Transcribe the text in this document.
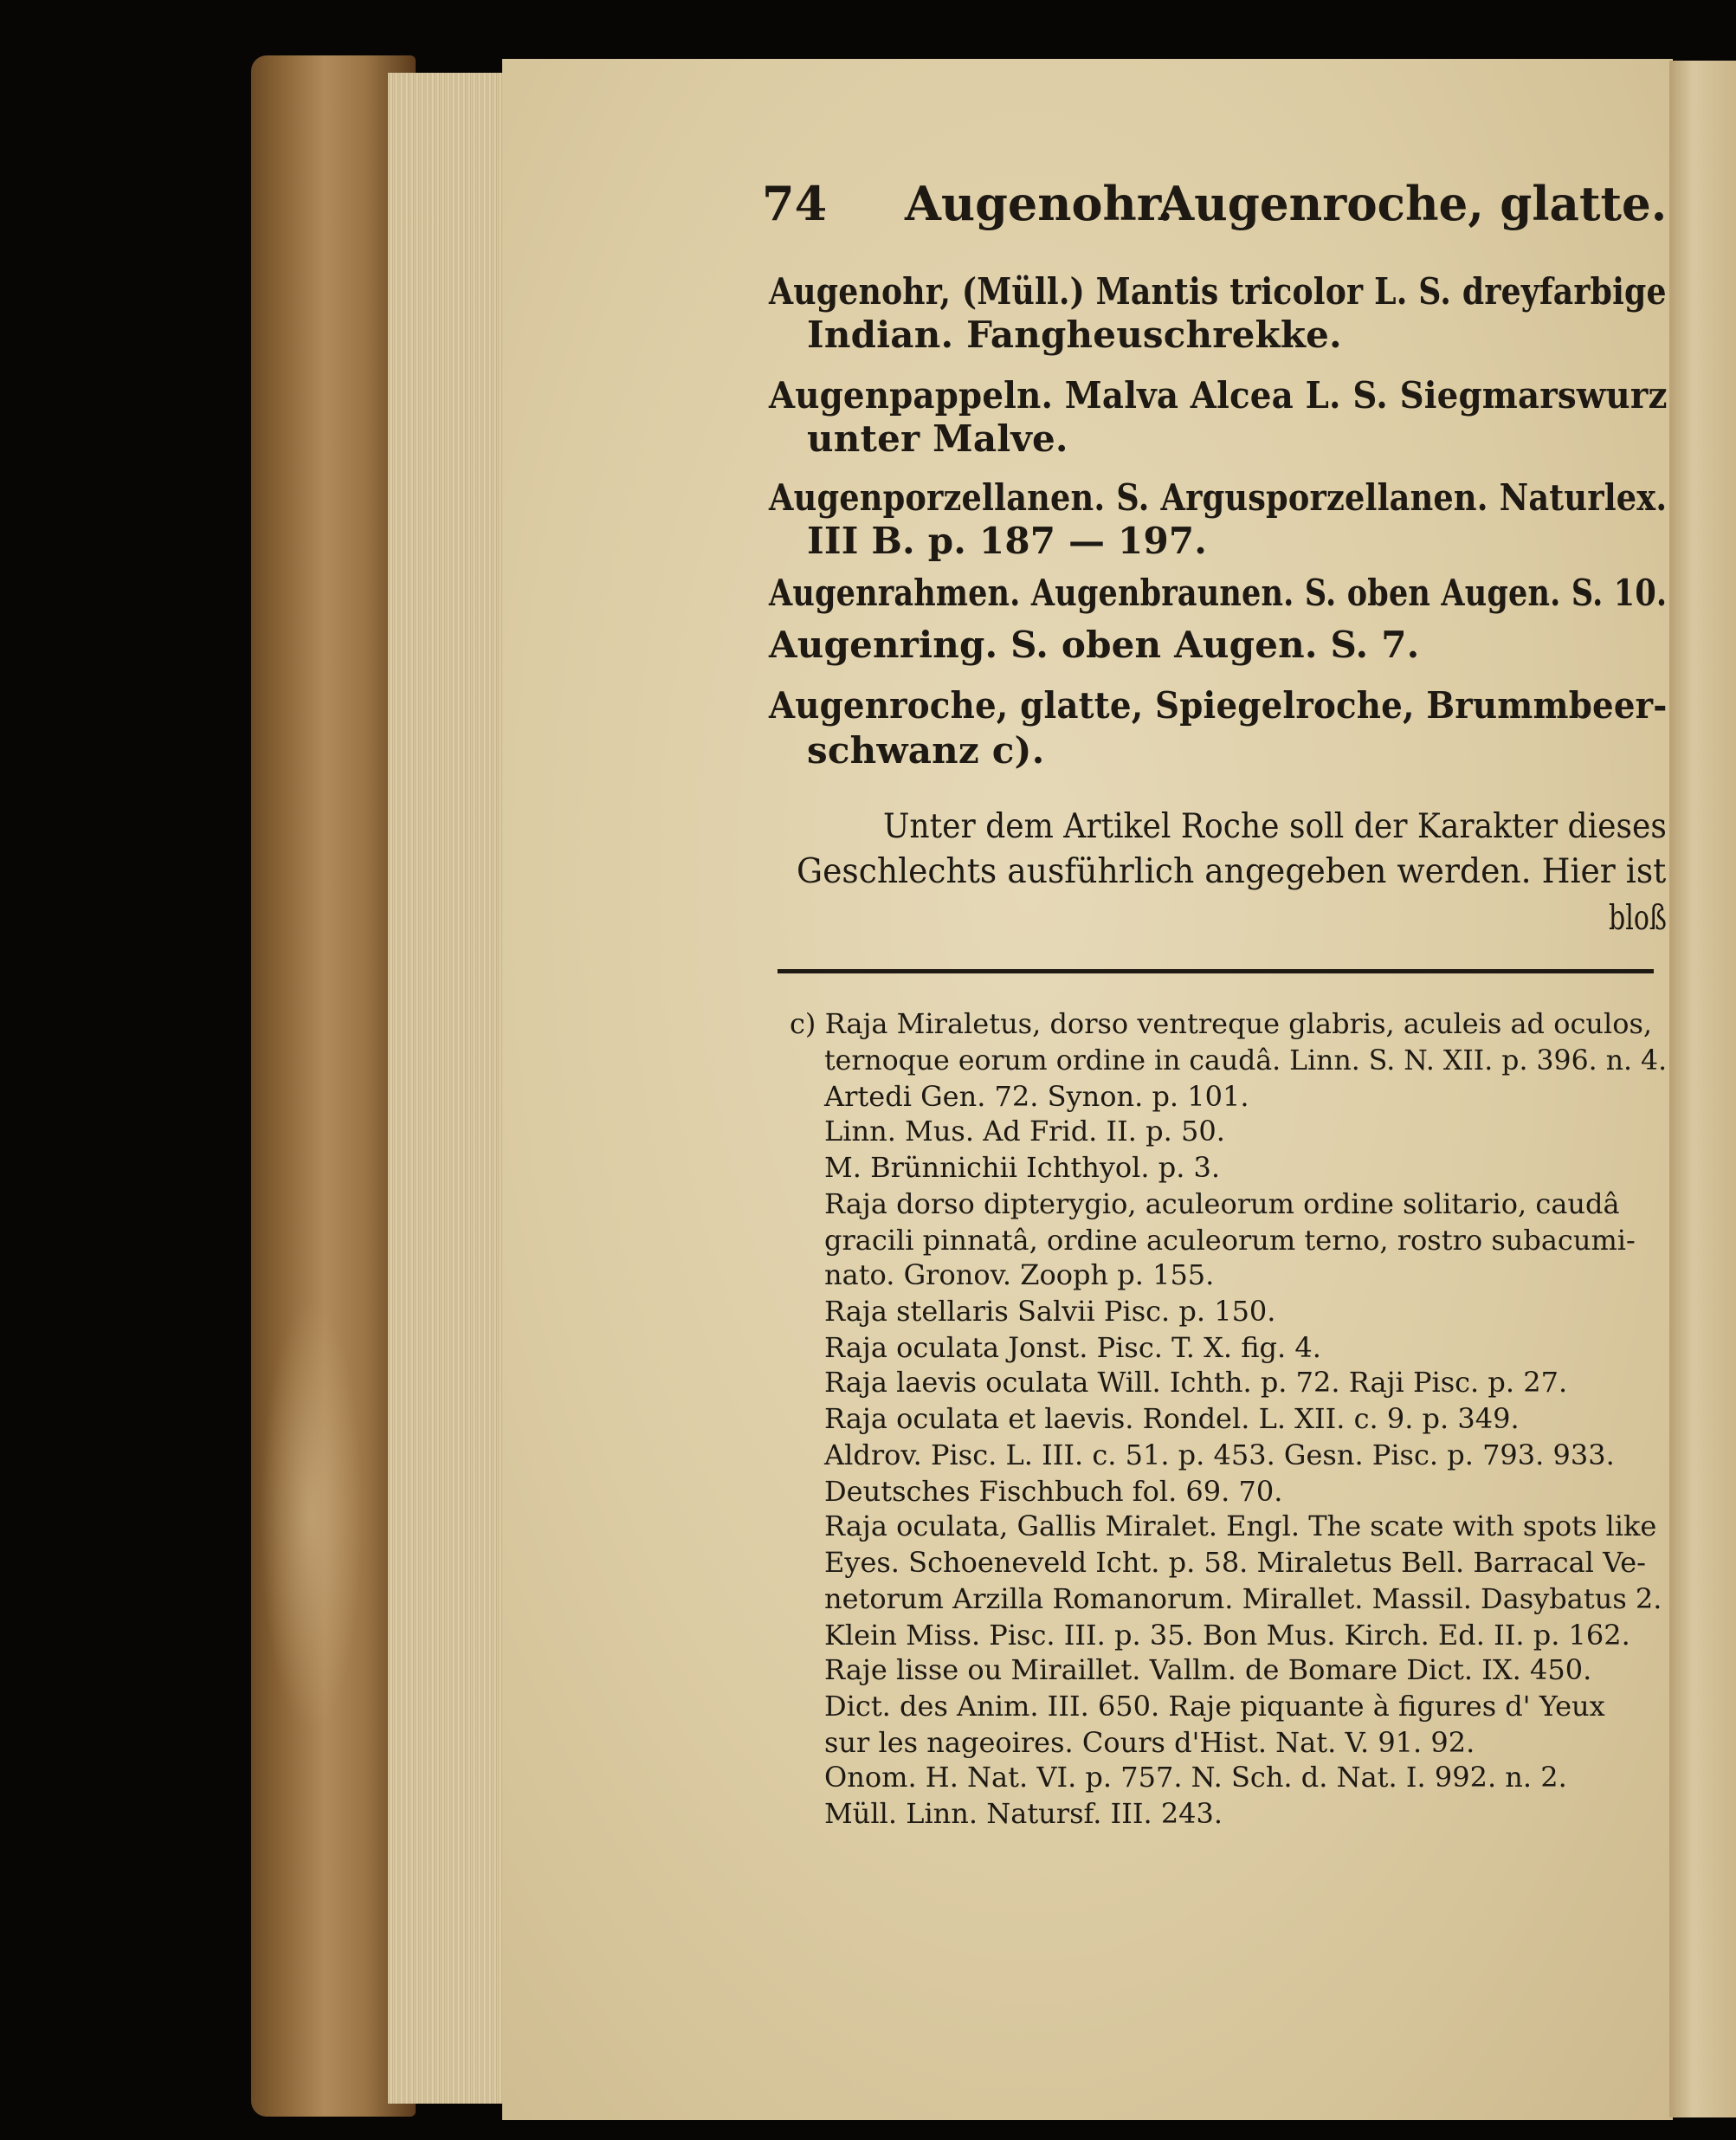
74 Augenohr.
Augenroche, glatte.
Augenohr, (Müll.) Mantis tricolor L. S. dreyfarbige
Indian. Fangheuschrekke.
Augenpappeln. Malva Alcea L. S. Siegmarswurz
unter Malve.
Augenporzellanen. S. Argusporzellanen. Naturlex.
III B. p. 187 — 197.
Augenrahmen. Augenbraunen. S. oben Augen. S. 10.
Augenring. S. oben Augen. S. 7.
Augenroche, glatte, Spiegelroche, Brummbeer-
schwanz c).
Unter dem Artikel Roche soll der Karakter dieses
Geschlechts ausführlich angegeben werden. Hier ist
bloß
c) Raja Miraletus, dorso ventreque glabris, aculeis ad oculos,
ternoque eorum ordine in caudâ. Linn. S. N. XII. p. 396. n. 4.
Artedi Gen. 72. Synon. p. 101.
Linn. Mus. Ad Frid. II. p. 50.
M. Brünnichii Ichthyol. p. 3.
Raja dorso dipterygio, aculeorum ordine solitario, caudâ
gracili pinnatâ, ordine aculeorum terno, rostro subacumi-
nato. Gronov. Zooph p. 155.
Raja stellaris Salvii Pisc. p. 150.
Raja oculata Jonst. Pisc. T. X. fig. 4.
Raja laevis oculata Will. Ichth. p. 72. Raji Pisc. p. 27.
Raja oculata et laevis. Rondel. L. XII. c. 9. p. 349.
Aldrov. Pisc. L. III. c. 51. p. 453. Gesn. Pisc. p. 793. 933.
Deutsches Fischbuch fol. 69. 70.
Raja oculata, Gallis Miralet. Engl. The scate with spots like
Eyes. Schoeneveld Icht. p. 58. Miraletus Bell. Barracal Ve-
netorum Arzilla Romanorum. Mirallet. Massil. Dasybatus 2.
Klein Miss. Pisc. III. p. 35. Bon Mus. Kirch. Ed. II. p. 162.
Raje lisse ou Miraillet. Vallm. de Bomare Dict. IX. 450.
Dict. des Anim. III. 650. Raje piquante à figures d' Yeux
sur les nageoires. Cours d'Hist. Nat. V. 91. 92.
Onom. H. Nat. VI. p. 757. N. Sch. d. Nat. I. 992. n. 2.
Müll. Linn. Natursf. III. 243.
